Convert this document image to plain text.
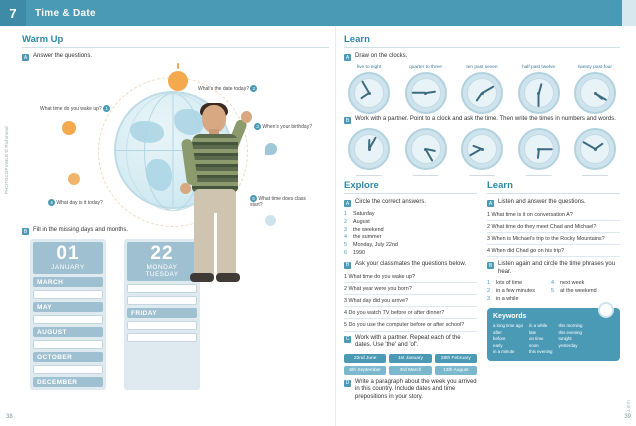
7	Time & Date
PHOTOCOPIABLE © Richmond
38
Warm Up
A Answer the questions.
What time do you wake up? 1
What's the date today? 2
3 When's your birthday?
4 What day is it today?
5 What time does class start?
B Fill in the missing days and months.
01
JANUARY
MARCH
MAY
AUGUST
OCTOBER
DECEMBER
22
MONDAY
TUESDAY
FRIDAY
39
Unit 7
Learn
A Draw on the clocks.
five to eight	quarter to three	ten past seven	half past twelve	twenty past four
B Work with a partner. Point to a clock and ask the time. Then write the times in numbers and words.
__________	__________	__________	__________	__________
Explore
A Circle the correct answers.
1	Saturday
2	August
3	the weekend
4	the summer
5	Monday, July 22nd
6	1990
B Ask your classmates the questions below.
1 What time do you wake up?
2 What year were you born?
3 What day did you arrive?
4 Do you watch TV before or after dinner?
5 Do you use the computer before or after school?
C Work with a partner. Repeat each of the dates. Use 'the' and 'of'.
22nd June	1st January	28th February
6th September	3rd March	13th August
D Write a paragraph about the week you arrived in this country. Include dates and time prepositions in your story.
Learn
A Listen and answer the questions.
1 What time is it on conversation A?
2 What time do they meet Chad and Michael?
3 When is Michael's trip to the Rocky Mountains?
4 When did Chad go on his trip?
B Listen again and circle the time phrases you hear.
1	lots of time	4	next week
2	in a few minutes	5	at the weekend
3	in a while
Keywords
a long time ago
after
before
early
in a minute
in a while
late
on time
soon
this evening
this morning
this evening
tonight
yesterday
